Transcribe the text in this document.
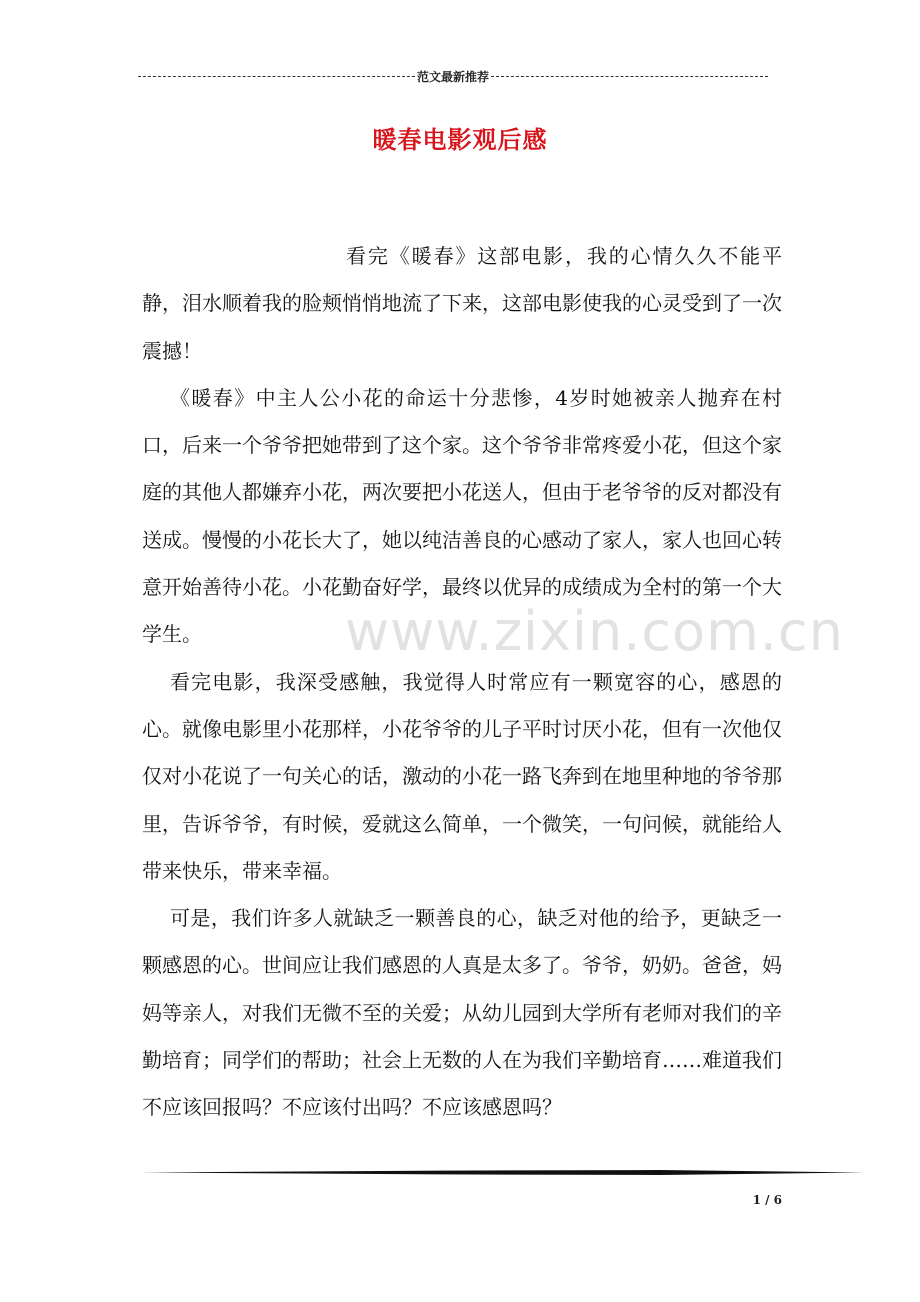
范文最新推荐
暖春电影观后感

看完《暖春》这部电影，我的心情久久不能平静，泪水顺着我的脸颊悄悄地流了下来，这部电影使我的心灵受到了一次震撼！

《暖春》中主人公小花的命运十分悲惨，4岁时她被亲人抛弃在村口，后来一个爷爷把她带到了这个家。这个爷爷非常疼爱小花，但这个家庭的其他人都嫌弃小花，两次要把小花送人，但由于老爷爷的反对都没有送成。慢慢的小花长大了，她以纯洁善良的心感动了家人，家人也回心转意开始善待小花。小花勤奋好学，最终以优异的成绩成为全村的第一个大学生。

看完电影，我深受感触，我觉得人时常应有一颗宽容的心，感恩的心。就像电影里小花那样，小花爷爷的儿子平时讨厌小花，但有一次他仅仅对小花说了一句关心的话，激动的小花一路飞奔到在地里种地的爷爷那里，告诉爷爷，有时候，爱就这么简单，一个微笑，一句问候，就能给人带来快乐，带来幸福。

可是，我们许多人就缺乏一颗善良的心，缺乏对他的给予，更缺乏一颗感恩的心。世间应让我们感恩的人真是太多了。爷爷，奶奶。爸爸，妈妈等亲人，对我们无微不至的关爱；从幼儿园到大学所有老师对我们的辛勤培育；同学们的帮助；社会上无数的人在为我们辛勤培育……难道我们不应该回报吗？不应该付出吗？不应该感恩吗？

www.zixin.com.cn
1 / 6
